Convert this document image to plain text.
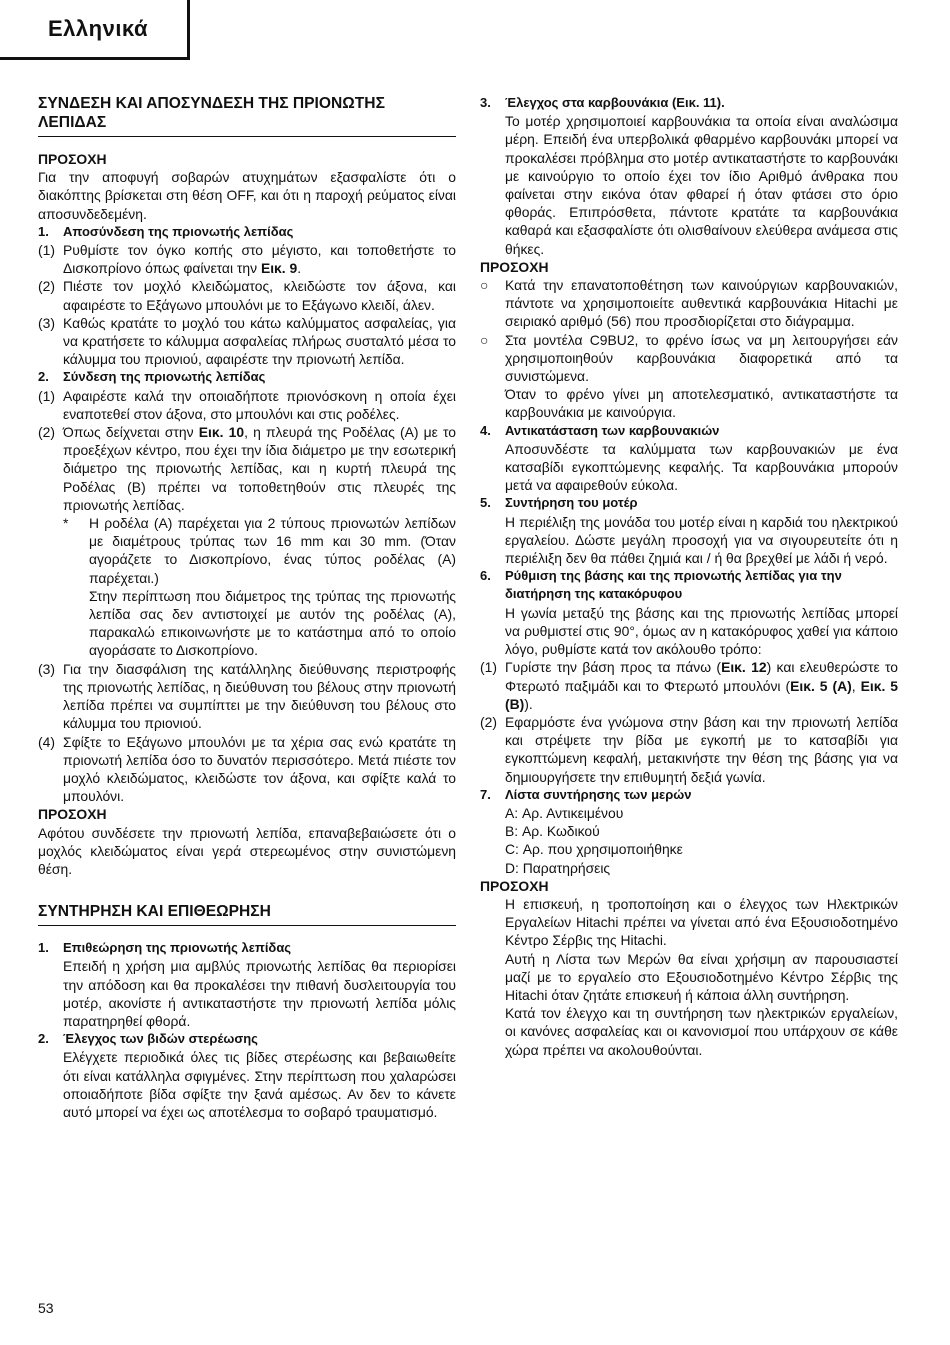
Ελληνικά
ΣΥΝΔΕΣΗ ΚΑΙ ΑΠΟΣΥΝΔΕΣΗ ΤΗΣ ΠΡΙΟΝΩΤΗΣ ΛΕΠΙΔΑΣ
ΠΡΟΣΟΧΗ

Για την αποφυγή σοβαρών ατυχημάτων εξασφαλίστε ότι ο διακόπτης βρίσκεται στη θέση OFF, και ότι η παροχή ρεύματος είναι αποσυνδεδεμένη.

1.	Αποσύνδεση της πριονωτής λεπίδας
(1) Ρυθμίστε τον όγκο κοπής στο μέγιστο, και τοποθετήστε το Δισκοπρίονο όπως φαίνεται την Εικ. 9.
(2) Πιέστε τον μοχλό κλειδώματος, κλειδώστε τον άξονα, και αφαιρέστε το Εξάγωνο μπουλόνι με το Εξάγωνο κλειδί, άλεν.
(3) Καθώς κρατάτε το μοχλό του κάτω καλύμματος ασφαλείας, για να κρατήσετε το κάλυμμα ασφαλείας πλήρως συσταλτό μέσα το κάλυμμα του πριονιού, αφαιρέστε την πριονωτή λεπίδα.
2.	Σύνδεση της πριονωτής λεπίδας
(1) Αφαιρέστε καλά την οποιαδήποτε πριονόσκονη η οποία έχει εναποτεθεί στον άξονα, στο μπουλόνι και στις ροδέλες.
(2) Όπως δείχνεται στην Εικ. 10, η πλευρά της Ροδέλας (Α) με το προεξέχων κέντρο, που έχει την ίδια διάμετρο με την εσωτερική διάμετρο της πριονωτής λεπίδας, και η κυρτή πλευρά της Ροδέλας (Β) πρέπει να τοποθετηθούν στις πλευρές της πριονωτής λεπίδας.
*	Η ροδέλα (Α) παρέχεται για 2 τύπους πριονωτών λεπίδων με διαμέτρους τρύπας των 16 mm και 30 mm. (Όταν αγοράζετε το Δισκοπρίονο, ένας τύπος ροδέλας (Α) παρέχεται.)

Στην περίπτωση που διάμετρος της τρύπας της πριονωτής λεπίδα σας δεν αντιστοιχεί με αυτόν της ροδέλας (Α), παρακαλώ επικοινωνήστε με το κατάστημα από το οποίο αγοράσατε το Δισκοπρίονο.

(3) Για την διασφάλιση της κατάλληλης διεύθυνσης περιστροφής της πριονωτής λεπίδας, η διεύθυνση του βέλους στην πριονωτή λεπίδα πρέπει να συμπίπτει με την διεύθυνση του βέλους στο κάλυμμα του πριονιού.
(4) Σφίξτε το Εξάγωνο μπουλόνι με τα χέρια σας ενώ κρατάτε τη πριονωτή λεπίδα όσο το δυνατόν περισσότερο. Μετά πιέστε τον μοχλό κλειδώματος, κλειδώστε τον άξονα, και σφίξτε καλά το μπουλόνι.
ΠΡΟΣΟΧΗ

Αφότου συνδέσετε την πριονωτή λεπίδα, επαναβεβαιώσετε ότι ο μοχλός κλειδώματος είναι γερά στερεωμένος στην συνιστώμενη θέση.

ΣΥΝΤΗΡΗΣΗ ΚΑΙ ΕΠΙΘΕΩΡΗΣΗ
1.	Επιθεώρηση της πριονωτής λεπίδας

Επειδή η χρήση μια αμβλύς πριονωτής λεπίδας θα περιορίσει την απόδοση και θα προκαλέσει την πιθανή δυσλειτουργία του μοτέρ, ακονίστε ή αντικαταστήστε την πριονωτή λεπίδα μόλις παρατηρηθεί φθορά.

2.	Έλεγχος των βιδών στερέωσης

Ελέγχετε περιοδικά όλες τις βίδες στερέωσης και βεβαιωθείτε ότι είναι κατάλληλα σφιγμένες. Στην περίπτωση που χαλαρώσει οποιαδήποτε βίδα σφίξτε την ξανά αμέσως. Αν δεν το κάνετε αυτό μπορεί να έχει ως αποτέλεσμα το σοβαρό τραυματισμό.

3.	Έλεγχος στα καρβουνάκια (Εικ. 11).

Το μοτέρ χρησιμοποιεί καρβουνάκια τα οποία είναι αναλώσιμα μέρη. Επειδή ένα υπερβολικά φθαρμένο καρβουνάκι μπορεί να προκαλέσει πρόβλημα στο μοτέρ αντικαταστήστε το καρβουνάκι με καινούργιο το οποίο έχει τον ίδιο Αριθμό άνθρακα που φαίνεται στην εικόνα όταν φθαρεί ή όταν φτάσει στο όριο φθοράς. Επιπρόσθετα, πάντοτε κρατάτε τα καρβουνάκια καθαρά και εξασφαλίστε ότι ολισθαίνουν ελεύθερα ανάμεσα στις θήκες.

ΠΡΟΣΟΧΗ
○	Κατά την επανατοποθέτηση των καινούργιων καρβουνακιών, πάντοτε να χρησιμοποιείτε αυθεντικά καρβουνάκια Hitachi με σειριακό αριθμό (56) που προσδιορίζεται στο διάγραμμα.
○	Στα μοντέλα C9BU2, το φρένο ίσως να μη λειτουργήσει εάν χρησιμοποιηθούν καρβουνάκια διαφορετικά από τα συνιστώμενα.

Όταν το φρένο γίνει μη αποτελεσματικό, αντικαταστήστε τα καρβουνάκια με καινούργια.

4.	Αντικατάσταση των καρβουνακιών

Αποσυνδέστε τα καλύμματα των καρβουνακιών με ένα κατσαβίδι εγκοπτώμενης κεφαλής. Τα καρβουνάκια μπορούν μετά να αφαιρεθούν εύκολα.

5.	Συντήρηση του μοτέρ

Η περιέλιξη της μονάδα του μοτέρ είναι η καρδιά του ηλεκτρικού εργαλείου. Δώστε μεγάλη προσοχή για να σιγουρευτείτε ότι η περιέλιξη δεν θα πάθει ζημιά και / ή θα βρεχθεί με λάδι ή νερό.

6.	Ρύθμιση της βάσης και της πριονωτής λεπίδας για την διατήρηση της κατακόρυφου

Η γωνία μεταξύ της βάσης και της πριονωτής λεπίδας μπορεί να ρυθμιστεί στις 90°, όμως αν η κατακόρυφος χαθεί για κάποιο λόγο, ρυθμίστε κατά τον ακόλουθο τρόπο:

(1) Γυρίστε την βάση προς τα πάνω (Εικ. 12) και ελευθερώστε το Φτερωτό παξιμάδι και το Φτερωτό μπουλόνι (Εικ. 5 (Α), Εικ. 5 (Β)).
(2) Εφαρμόστε ένα γνώμονα στην βάση και την πριονωτή λεπίδα και στρέψετε την βίδα με εγκοπή με το κατσαβίδι για εγκοπτώμενη κεφαλή, μετακινήστε την θέση της βάσης για να δημιουργήσετε την επιθυμητή δεξιά γωνία.
7.	Λίστα συντήρησης των μερών
A: Αρ. Αντικειμένου
B: Αρ. Κωδικού
C: Αρ. που χρησιμοποιήθηκε
D: Παρατηρήσεις
ΠΡΟΣΟΧΗ

Η επισκευή, η τροποποίηση και ο έλεγχος των Ηλεκτρικών Εργαλείων Hitachi πρέπει να γίνεται από ένα Εξουσιοδοτημένο Κέντρο Σέρβις της Hitachi.

Αυτή η Λίστα των Μερών θα είναι χρήσιμη αν παρουσιαστεί μαζί με το εργαλείο στο Εξουσιοδοτημένο Κέντρο Σέρβις της Hitachi όταν ζητάτε επισκευή ή κάποια άλλη συντήρηση.

Κατά τον έλεγχο και τη συντήρηση των ηλεκτρικών εργαλείων, οι κανόνες ασφαλείας και οι κανονισμοί που υπάρχουν σε κάθε χώρα πρέπει να ακολουθούνται.

53
